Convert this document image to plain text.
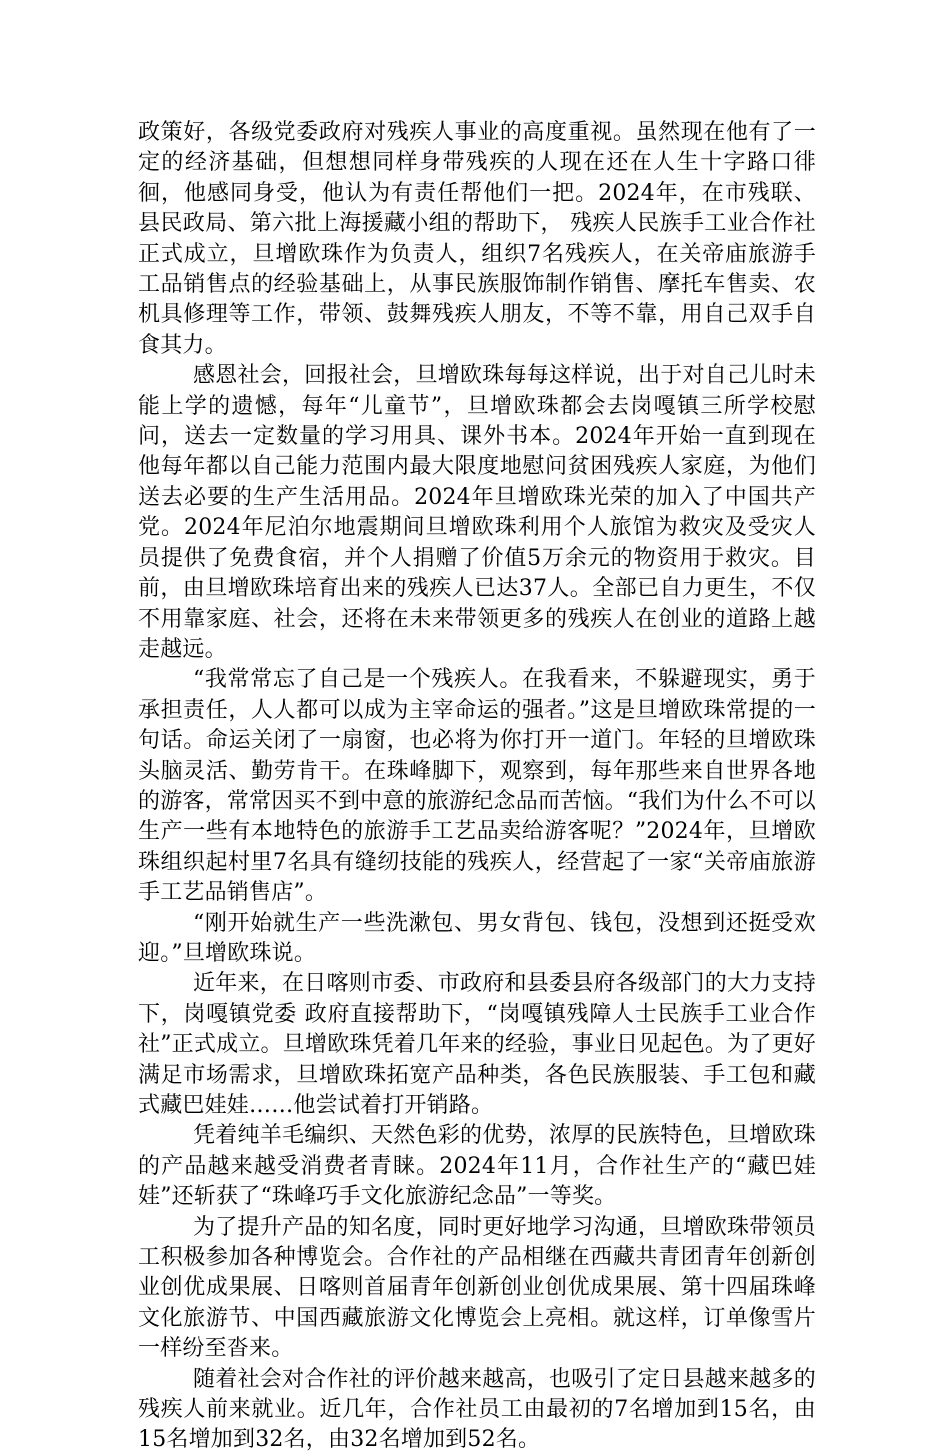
政策好，各级党委政府对残疾人事业的高度重视。虽然现在他有了一定的经济基础，但想想同样身带残疾的人现在还在人生十字路口徘徊，他感同身受，他认为有责任帮他们一把。2024年，在市残联、县民政局、第六批上海援藏小组的帮助下， 残疾人民族手工业合作社正式成立，旦增欧珠作为负责人，组织7名残疾人，在关帝庙旅游手工品销售点的经验基础上，从事民族服饰制作销售、摩托车售卖、农机具修理等工作，带领、鼓舞残疾人朋友，不等不靠，用自己双手自食其力。

感恩社会，回报社会，旦增欧珠每每这样说，出于对自己儿时未能上学的遗憾，每年“儿童节”，旦增欧珠都会去岗嘎镇三所学校慰问，送去一定数量的学习用具、课外书本。2024年开始一直到现在他每年都以自己能力范围内最大限度地慰问贫困残疾人家庭，为他们送去必要的生产生活用品。2024年旦增欧珠光荣的加入了中国共产党。2024年尼泊尔地震期间旦增欧珠利用个人旅馆为救灾及受灾人员提供了免费食宿，并个人捐赠了价值5万余元的物资用于救灾。目前，由旦增欧珠培育出来的残疾人已达37人。全部已自力更生，不仅不用靠家庭、社会，还将在未来带领更多的残疾人在创业的道路上越走越远。

“我常常忘了自己是一个残疾人。在我看来，不躲避现实，勇于承担责任，人人都可以成为主宰命运的强者。”这是旦增欧珠常提的一句话。命运关闭了一扇窗，也必将为你打开一道门。年轻的旦增欧珠头脑灵活、勤劳肯干。在珠峰脚下，观察到，每年那些来自世界各地的游客，常常因买不到中意的旅游纪念品而苦恼。“我们为什么不可以生产一些有本地特色的旅游手工艺品卖给游客呢？”2024年，旦增欧珠组织起村里7名具有缝纫技能的残疾人，经营起了一家“关帝庙旅游手工艺品销售店”。

“刚开始就生产一些洗漱包、男女背包、钱包，没想到还挺受欢迎。”旦增欧珠说。

近年来，在日喀则市委、市政府和县委县府各级部门的大力支持下，岗嘎镇党委 政府直接帮助下，“岗嘎镇残障人士民族手工业合作社”正式成立。旦增欧珠凭着几年来的经验，事业日见起色。为了更好满足市场需求，旦增欧珠拓宽产品种类，各色民族服装、手工包和藏式藏巴娃娃……他尝试着打开销路。

凭着纯羊毛编织、天然色彩的优势，浓厚的民族特色，旦增欧珠的产品越来越受消费者青睐。2024年11月，合作社生产的“藏巴娃娃”还斩获了“珠峰巧手文化旅游纪念品”一等奖。

为了提升产品的知名度，同时更好地学习沟通，旦增欧珠带领员工积极参加各种博览会。合作社的产品相继在西藏共青团青年创新创业创优成果展、日喀则首届青年创新创业创优成果展、第十四届珠峰文化旅游节、中国西藏旅游文化博览会上亮相。就这样，订单像雪片一样纷至沓来。

随着社会对合作社的评价越来越高，也吸引了定日县越来越多的残疾人前来就业。近几年，合作社员工由最初的7名增加到15名，由15名增加到32名，由32名增加到52名。
